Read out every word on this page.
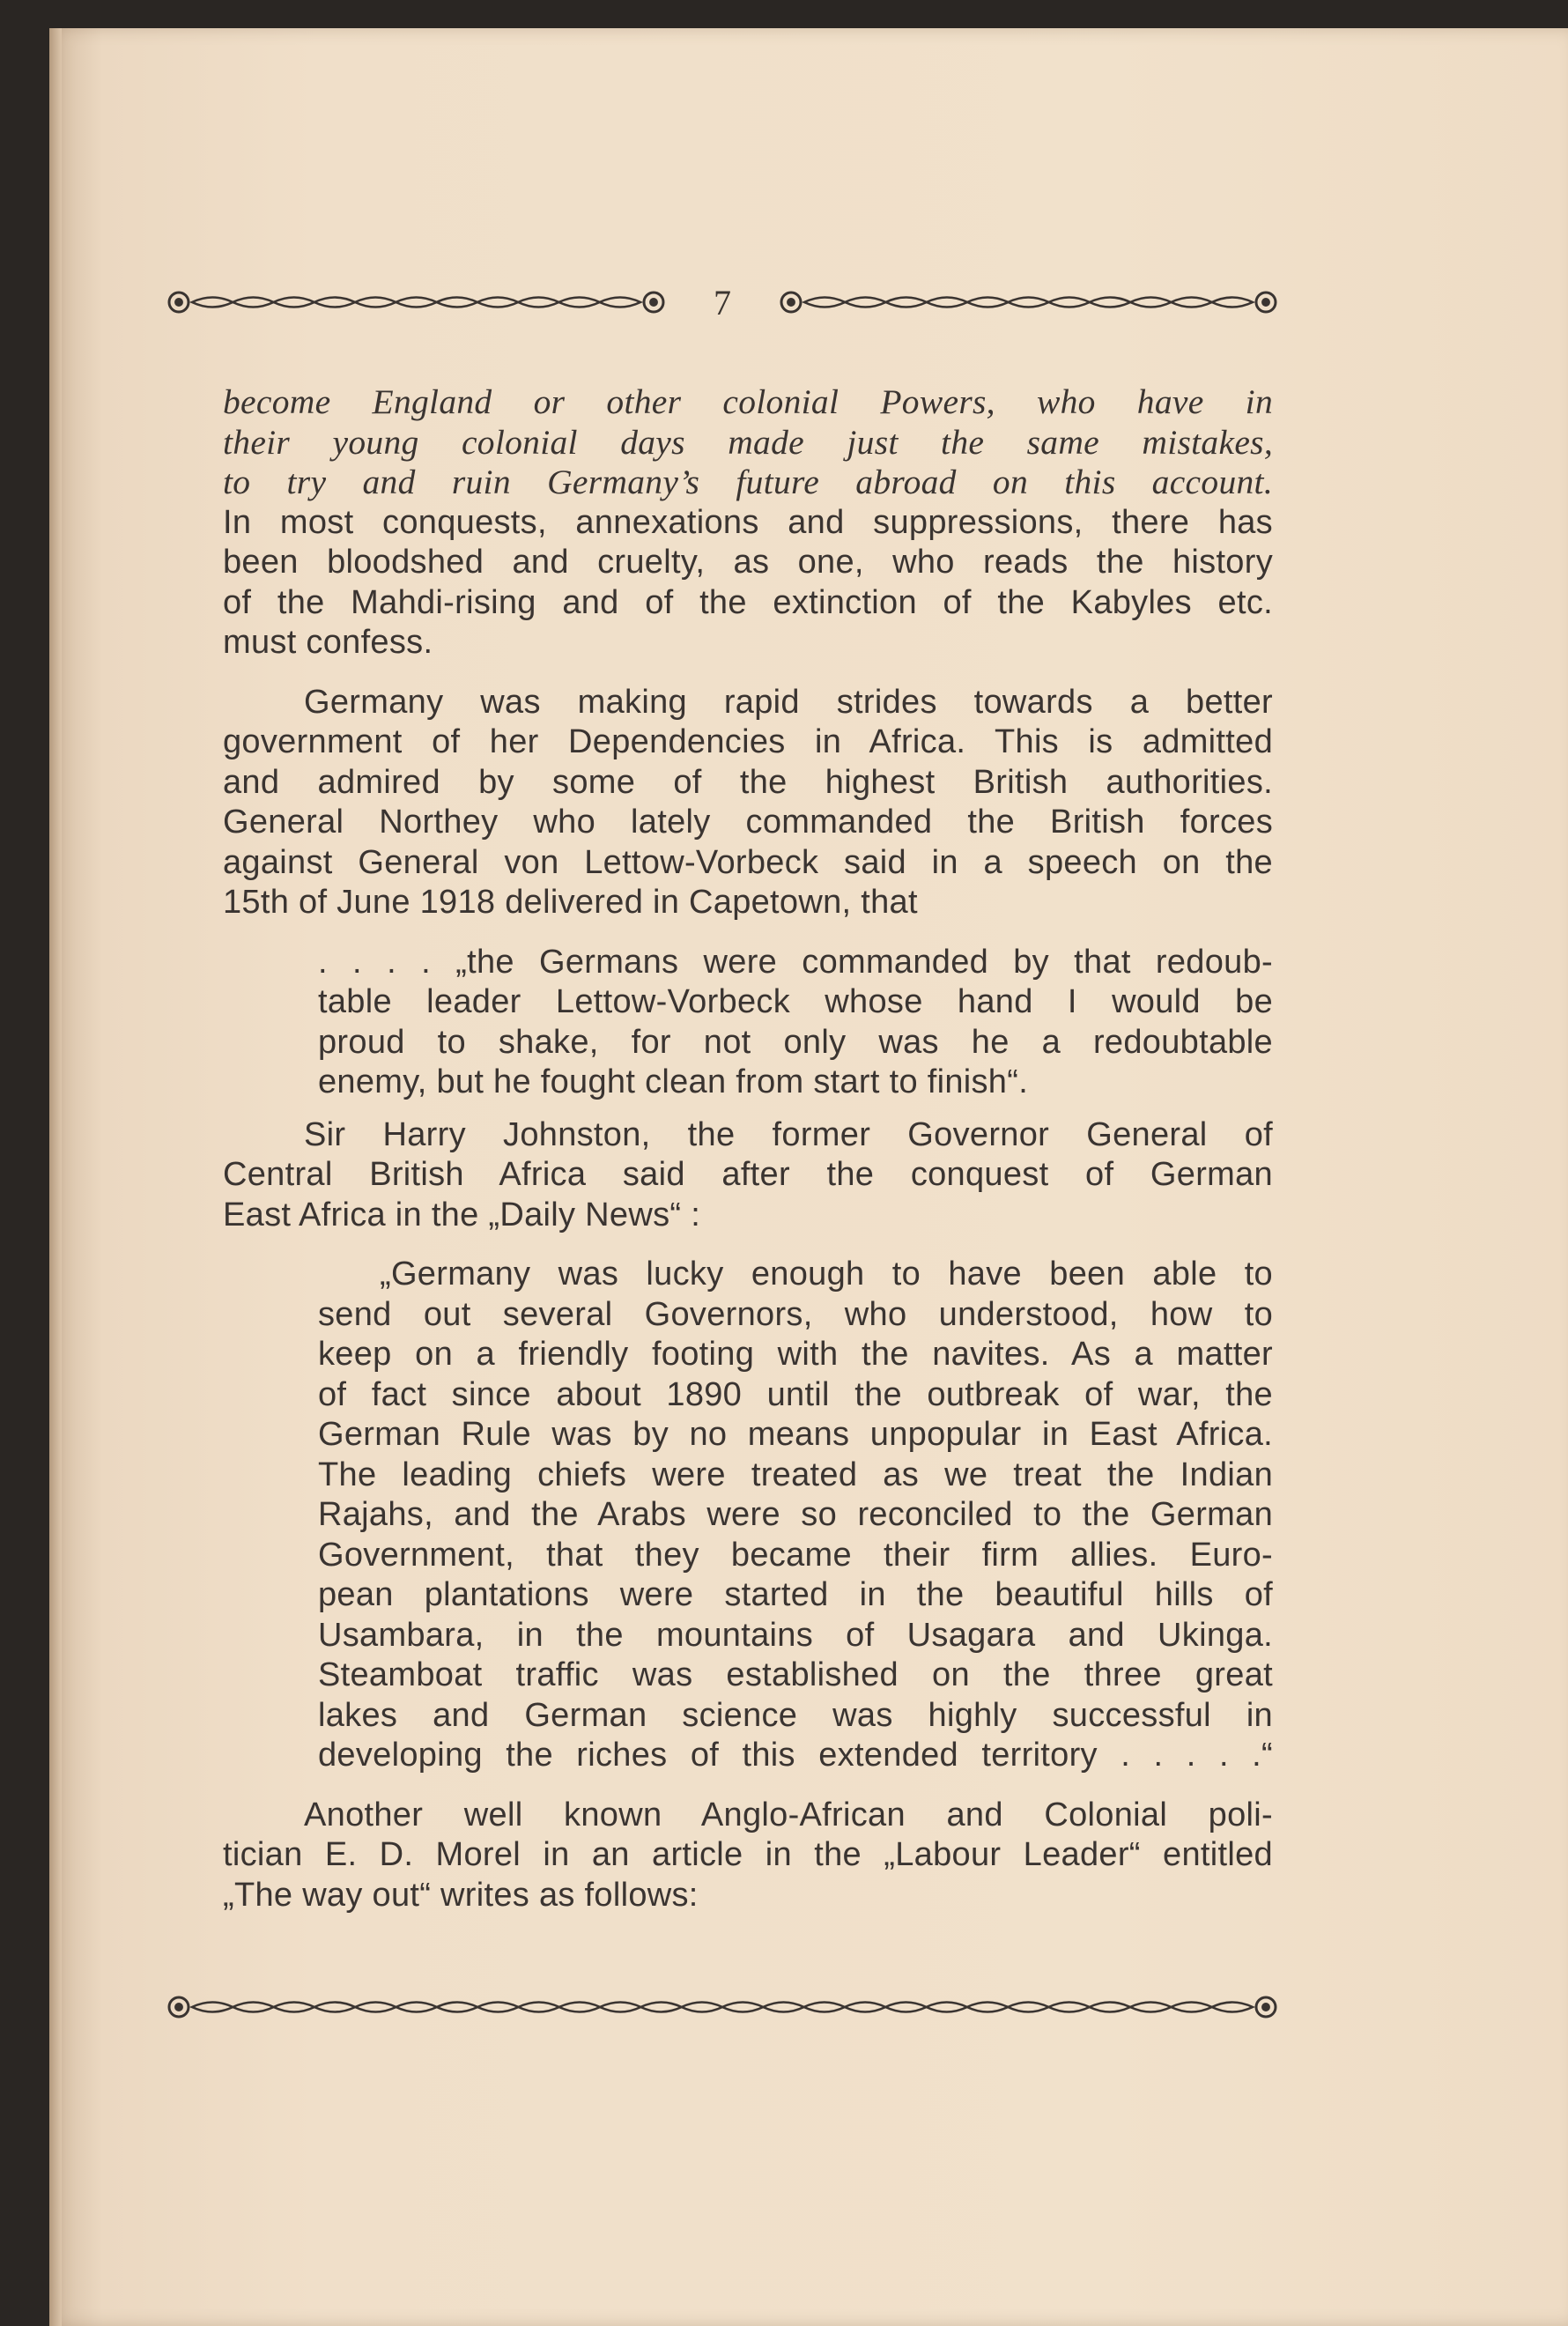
7

become England or other colonial Powers, who have in
their young colonial days made just the same mistakes,
to try and ruin Germany’s future abroad on this account.

In most conquests, annexations and suppressions, there has
been bloodshed and cruelty, as one, who reads the history
of the Mahdi-rising and of the extinction of the Kabyles etc.
must confess.

Germany was making rapid strides towards a better
government of her Dependencies in Africa. This is admitted
and admired by some of the highest British authorities.
General Northey who lately commanded the British forces
against General von Lettow-Vorbeck said in a speech on the
15th of June 1918 delivered in Capetown, that

. . . . „the Germans were commanded by that redoub-
table leader Lettow-Vorbeck whose hand I would be
proud to shake, for not only was he a redoubtable
enemy, but he fought clean from start to finish“.

Sir Harry Johnston, the former Governor General of
Central British Africa said after the conquest of German
East Africa in the „Daily News“ :

„Germany was lucky enough to have been able to
send out several Governors, who understood, how to
keep on a friendly footing with the navites. As a matter
of fact since about 1890 until the outbreak of war, the
German Rule was by no means unpopular in East Africa.
The leading chiefs were treated as we treat the Indian
Rajahs, and the Arabs were so reconciled to the German
Government, that they became their firm allies. Euro-
pean plantations were started in the beautiful hills of
Usambara, in the mountains of Usagara and Ukinga.
Steamboat traffic was established on the three great
lakes and German science was highly successful in
developing the riches of this extended territory . . . . .“

Another well known Anglo-African and Colonial poli-
tician E. D. Morel in an article in the „Labour Leader“ entitled
„The way out“ writes as follows:
